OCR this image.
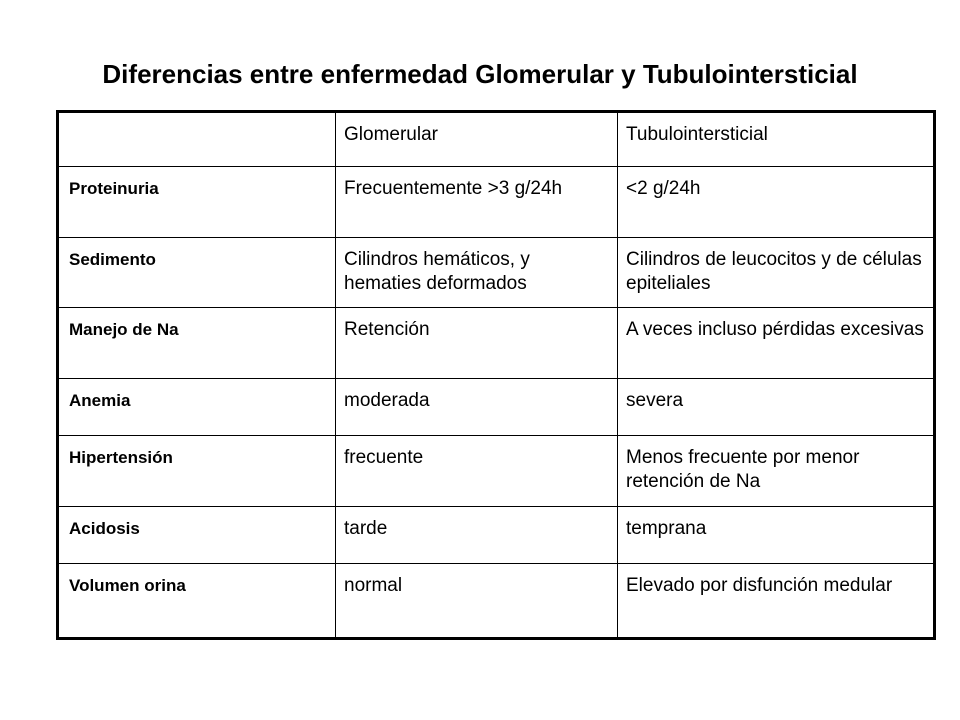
Diferencias entre enfermedad Glomerular y Tubulointersticial
	Glomerular	Tubulointersticial
Proteinuria	Frecuentemente >3 g/24h	<2 g/24h
Sedimento	Cilindros hemáticos, y hematies deformados	Cilindros de leucocitos y de células epiteliales
Manejo de Na	Retención	A veces incluso pérdidas excesivas
Anemia	moderada	severa
Hipertensión	frecuente	Menos frecuente por menor retención de Na
Acidosis	tarde	temprana
Volumen orina	normal	Elevado por disfunción medular
